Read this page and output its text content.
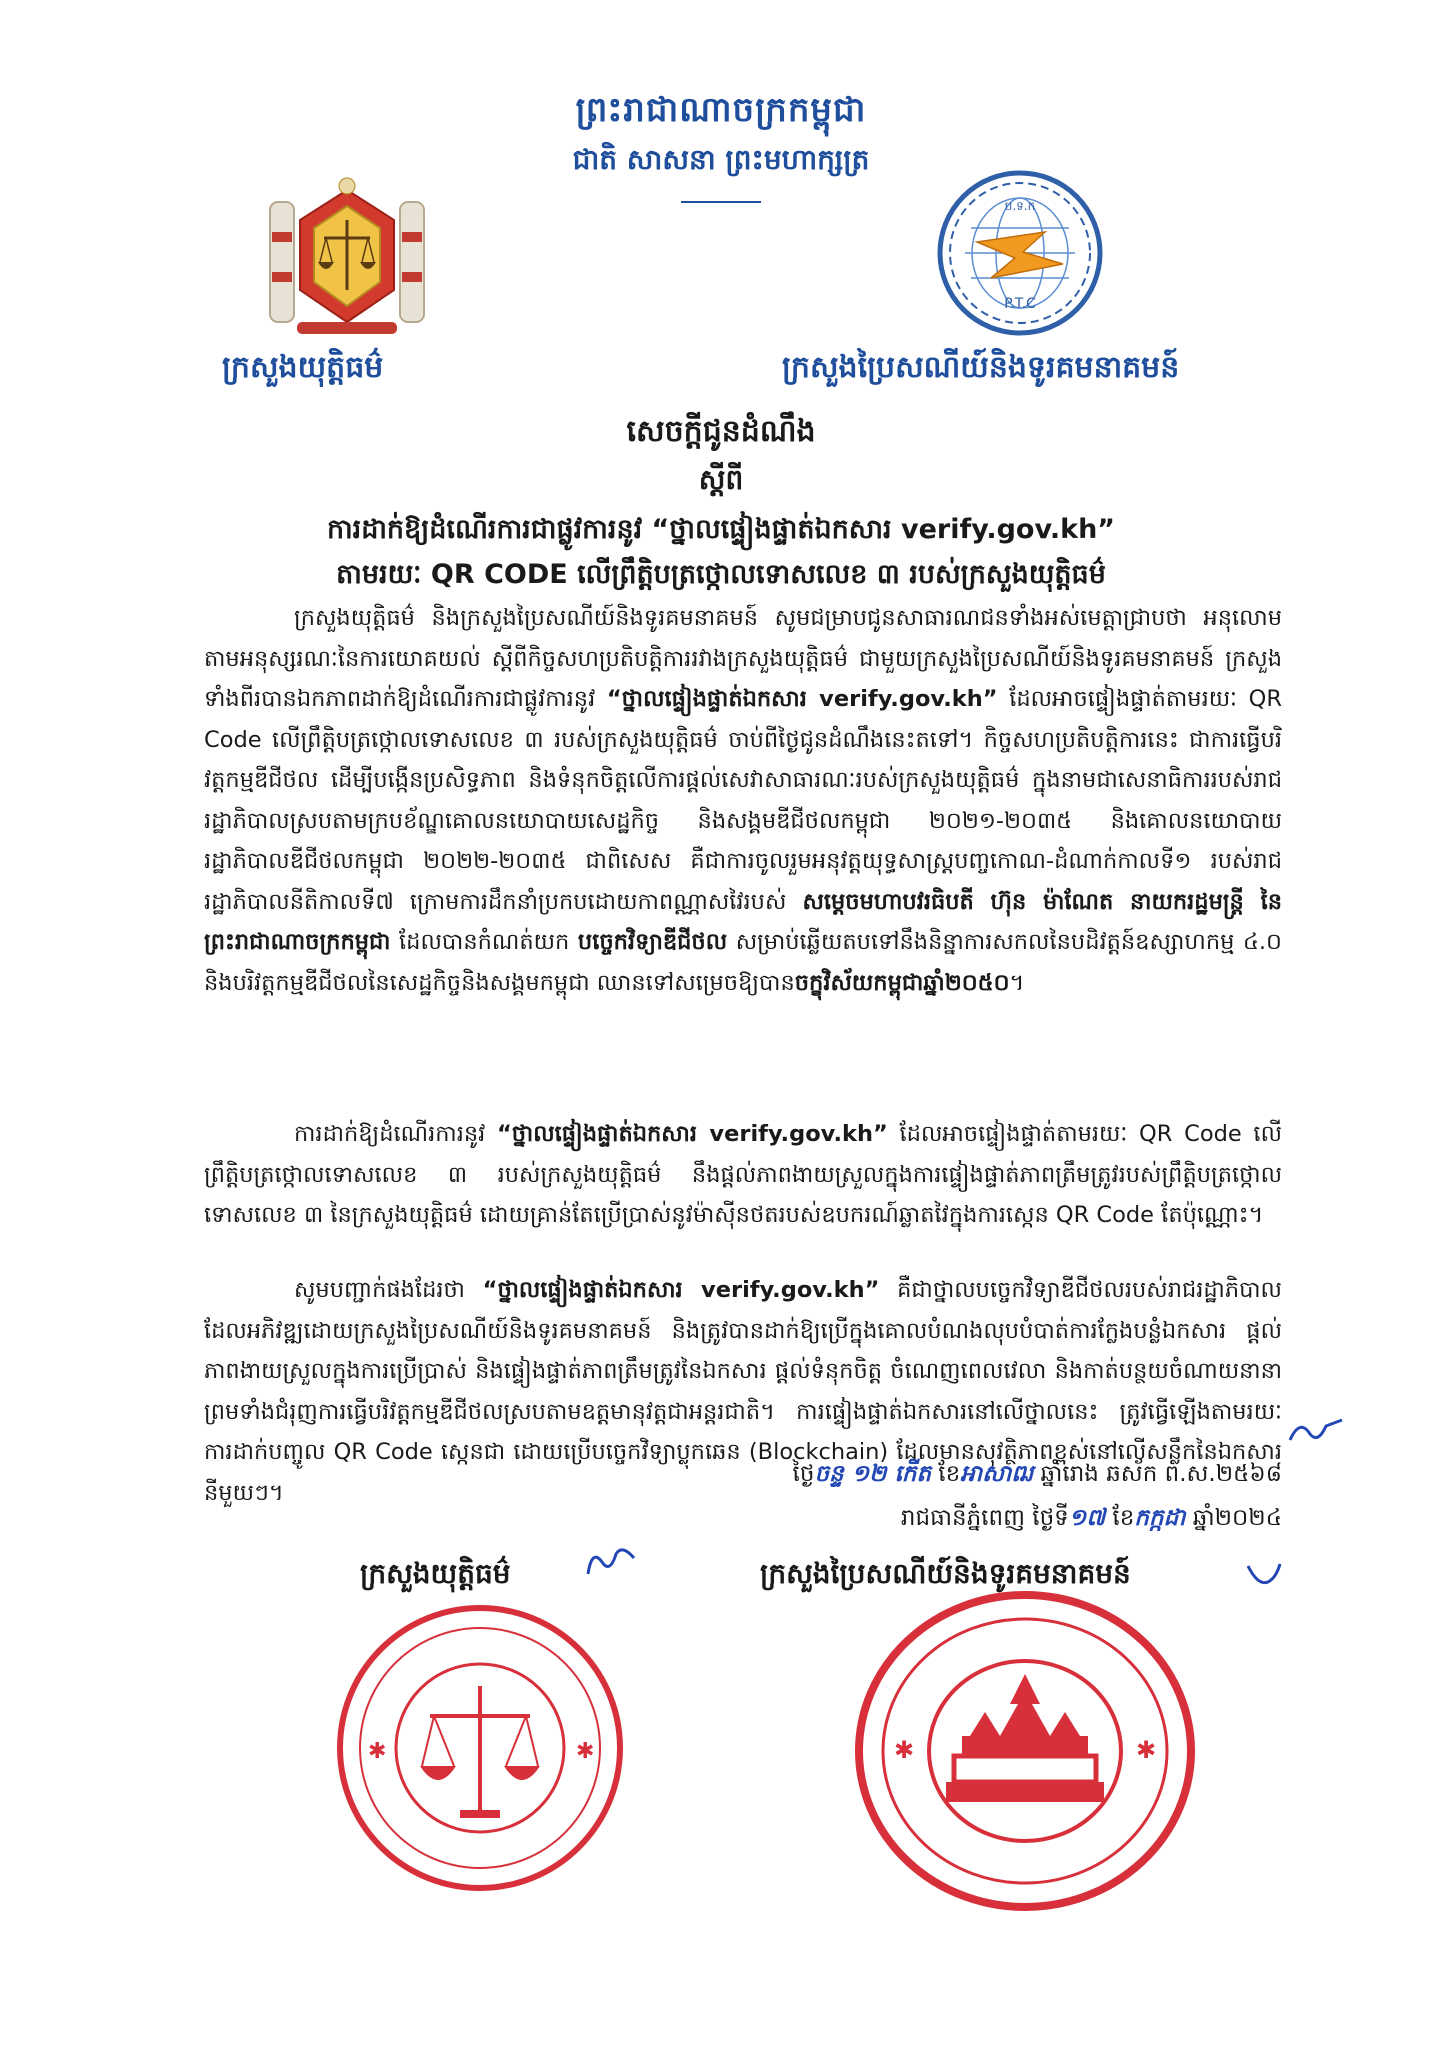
ព្រះរាជាណាចក្រកម្ពុជា
ជាតិ សាសនា ព្រះមហាក្សត្រ
ប.ទ.ក
P.T.C
ក្រសួងយុត្តិធម៌	ក្រសួងប្រៃសណីយ៍និងទូរគមនាគមន៍
សេចក្តីជូនដំណឹង
ស្តីពី
ការដាក់ឱ្យដំណើរការជាផ្លូវការនូវ “ថ្នាលផ្ទៀងផ្ទាត់ឯកសារ verify.gov.kh”
តាមរយៈ QR CODE លើព្រឹត្តិបត្រថ្កោលទោសលេខ ៣ របស់ក្រសួងយុត្តិធម៌
ក្រសួងយុត្តិធម៌ និងក្រសួងប្រៃសណីយ៍និងទូរគមនាគមន៍ សូមជម្រាបជូនសាធារណជនទាំងអស់មេត្តាជ្រាបថា អនុលោមតាមអនុស្សរណៈនៃការយោគយល់ ស្តីពីកិច្ចសហប្រតិបត្តិការរវាងក្រសួងយុត្តិធម៌ ជាមួយក្រសួងប្រៃសណីយ៍និងទូរគមនាគមន៍ ក្រសួងទាំងពីរបានឯកភាពដាក់ឱ្យដំណើរការជាផ្លូវការនូវ “ថ្នាលផ្ទៀងផ្ទាត់ឯកសារ verify.gov.kh” ដែលអាចផ្ទៀងផ្ទាត់តាមរយៈ QR Code លើព្រឹត្តិបត្រថ្កោលទោសលេខ ៣ របស់ក្រសួងយុត្តិធម៌ ចាប់ពីថ្ងៃជូនដំណឹងនេះតទៅ។ កិច្ចសហប្រតិបត្តិការនេះ ជាការធ្វើបរិវត្តកម្មឌីជីថល ដើម្បីបង្កើនប្រសិទ្ធភាព និងទំនុកចិត្តលើការផ្តល់សេវាសាធារណៈរបស់ក្រសួងយុត្តិធម៌ ក្នុងនាមជាសេនាធិការរបស់រាជរដ្ឋាភិបាលស្របតាមក្របខ័ណ្ឌគោលនយោបាយសេដ្ឋកិច្ច និងសង្គមឌីជីថលកម្ពុជា ២០២១-២០៣៥ និងគោលនយោបាយរដ្ឋាភិបាលឌីជីថលកម្ពុជា ២០២២-២០៣៥ ជាពិសេស គឺជាការចូលរួមអនុវត្តយុទ្ធសាស្ត្របញ្ចកោណ-ដំណាក់កាលទី១ របស់រាជរដ្ឋាភិបាលនីតិកាលទី៧ ក្រោមការដឹកនាំប្រកបដោយកាពណ្ណាសវៃរបស់ សម្តេចមហាបវរធិបតី ហ៊ុន ម៉ាណែត នាយករដ្ឋមន្ត្រី នៃព្រះរាជាណាចក្រកម្ពុជា ដែលបានកំណត់យក បច្ចេកវិទ្យាឌីជីថល សម្រាប់ឆ្លើយតបទៅនឹងនិន្នាការសកលនៃបដិវត្តន៍ឧស្សាហកម្ម ៤.០ និងបរិវត្តកម្មឌីជីថលនៃសេដ្ឋកិច្ចនិងសង្គមកម្ពុជា ឈានទៅសម្រេចឱ្យបានចក្ខុវិស័យកម្ពុជាឆ្នាំ២០៥០។
ការដាក់ឱ្យដំណើរការនូវ “ថ្នាលផ្ទៀងផ្ទាត់ឯកសារ verify.gov.kh” ដែលអាចផ្ទៀងផ្ទាត់តាមរយៈ QR Code លើព្រឹត្តិបត្រថ្កោលទោសលេខ ៣ របស់ក្រសួងយុត្តិធម៌ នឹងផ្តល់ភាពងាយស្រួលក្នុងការផ្ទៀងផ្ទាត់ភាពត្រឹមត្រូវរបស់ព្រឹត្តិបត្រថ្កោលទោសលេខ ៣ នៃក្រសួងយុត្តិធម៌ ដោយគ្រាន់តែប្រើប្រាស់នូវម៉ាស៊ីនថតរបស់ឧបករណ៍ឆ្លាតវៃក្នុងការស្កេន QR Code តែប៉ុណ្ណោះ។
សូមបញ្ជាក់ផងដែរថា “ថ្នាលផ្ទៀងផ្ទាត់ឯកសារ verify.gov.kh” គឺជាថ្នាលបច្ចេកវិទ្យាឌីជីថលរបស់រាជរដ្ឋាភិបាល ដែលអភិវឌ្ឍដោយក្រសួងប្រៃសណីយ៍និងទូរគមនាគមន៍ និងត្រូវបានដាក់ឱ្យប្រើក្នុងគោលបំណងលុបបំបាត់ការក្លែងបន្លំឯកសារ ផ្តល់ភាពងាយស្រួលក្នុងការប្រើប្រាស់ និងផ្ទៀងផ្ទាត់ភាពត្រឹមត្រូវនៃឯកសារ ផ្តល់ទំនុកចិត្ត ចំណេញពេលវេលា និងកាត់បន្ថយចំណាយនានា ព្រមទាំងជំរុញការធ្វើបរិវត្តកម្មឌីជីថលស្របតាមឧត្តមានុវត្តជាអន្តរជាតិ។ ការផ្ទៀងផ្ទាត់ឯកសារនៅលើថ្នាលនេះ ត្រូវធ្វើឡើងតាមរយៈការដាក់បញ្ចូល QR Code ស្កេនជា ដោយប្រើបច្ចេកវិទ្យាប្លុកឆេន (Blockchain) ដែលមានសុវត្ថិភាពខ្ពស់នៅលើសន្លឹកនៃឯកសារនីមួយៗ។
ថ្ងៃចន្ទ ១២ កើត ខែអាសាឍ ឆ្នាំរោង ឆស័ក ព.ស.២៥៦៨
រាជធានីភ្នំពេញ ថ្ងៃទី១៧ ខែកក្កដា ឆ្នាំ២០២៤
ក្រសួងយុត្តិធម៌	ក្រសួងប្រៃសណីយ៍និងទូរគមនាគមន៍
✱	✱	✱	✱
